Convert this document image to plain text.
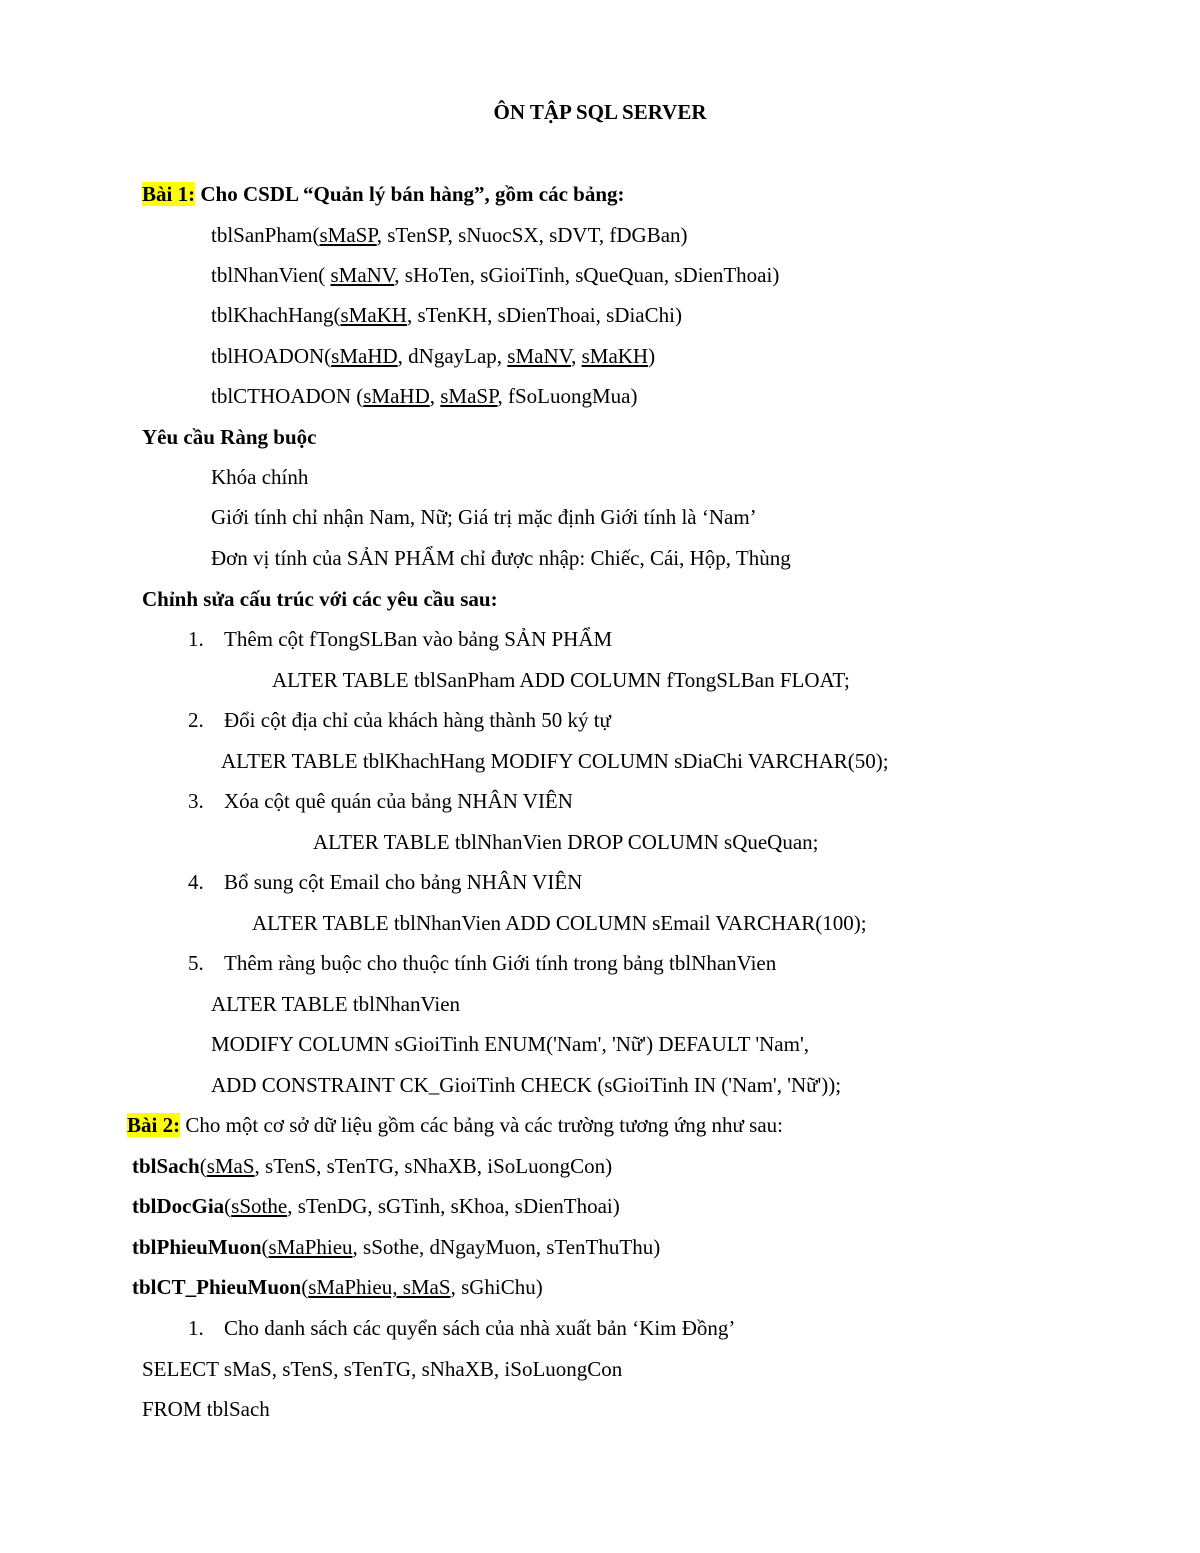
ÔN TẬP SQL SERVER
Bài 1: Cho CSDL “Quản lý bán hàng”, gồm các bảng:
tblSanPham(sMaSP, sTenSP, sNuocSX, sDVT, fDGBan)
tblNhanVien( sMaNV, sHoTen, sGioiTinh, sQueQuan, sDienThoai)
tblKhachHang(sMaKH, sTenKH, sDienThoai, sDiaChi)
tblHOADON(sMaHD, dNgayLap, sMaNV, sMaKH)
tblCTHOADON (sMaHD, sMaSP, fSoLuongMua)
Yêu cầu Ràng buộc
Khóa chính
Giới tính chỉ nhận Nam, Nữ; Giá trị mặc định Giới tính là ‘Nam’
Đơn vị tính của SẢN PHẨM chỉ được nhập: Chiếc, Cái, Hộp, Thùng
Chỉnh sửa cấu trúc với các yêu cầu sau:
1. Thêm cột fTongSLBan vào bảng SẢN PHẨM
ALTER TABLE tblSanPham ADD COLUMN fTongSLBan FLOAT;
2. Đổi cột địa chỉ của khách hàng thành 50 ký tự
ALTER TABLE tblKhachHang MODIFY COLUMN sDiaChi VARCHAR(50);
3. Xóa cột quê quán của bảng NHÂN VIÊN
ALTER TABLE tblNhanVien DROP COLUMN sQueQuan;
4. Bổ sung cột Email cho bảng NHÂN VIÊN
ALTER TABLE tblNhanVien ADD COLUMN sEmail VARCHAR(100);
5. Thêm ràng buộc cho thuộc tính Giới tính trong bảng tblNhanVien
ALTER TABLE tblNhanVien
MODIFY COLUMN sGioiTinh ENUM('Nam', 'Nữ') DEFAULT 'Nam',
ADD CONSTRAINT CK_GioiTinh CHECK (sGioiTinh IN ('Nam', 'Nữ'));
Bài 2: Cho một cơ sở dữ liệu gồm các bảng và các trường tương ứng như sau:
tblSach(sMaS, sTenS, sTenTG, sNhaXB, iSoLuongCon)
tblDocGia(sSothe, sTenDG, sGTinh, sKhoa, sDienThoai)
tblPhieuMuon(sMaPhieu, sSothe, dNgayMuon, sTenThuThu)
tblCT_PhieuMuon(sMaPhieu, sMaS, sGhiChu)
1. Cho danh sách các quyển sách của nhà xuất bản ‘Kim Đồng’
SELECT sMaS, sTenS, sTenTG, sNhaXB, iSoLuongCon
FROM tblSach
